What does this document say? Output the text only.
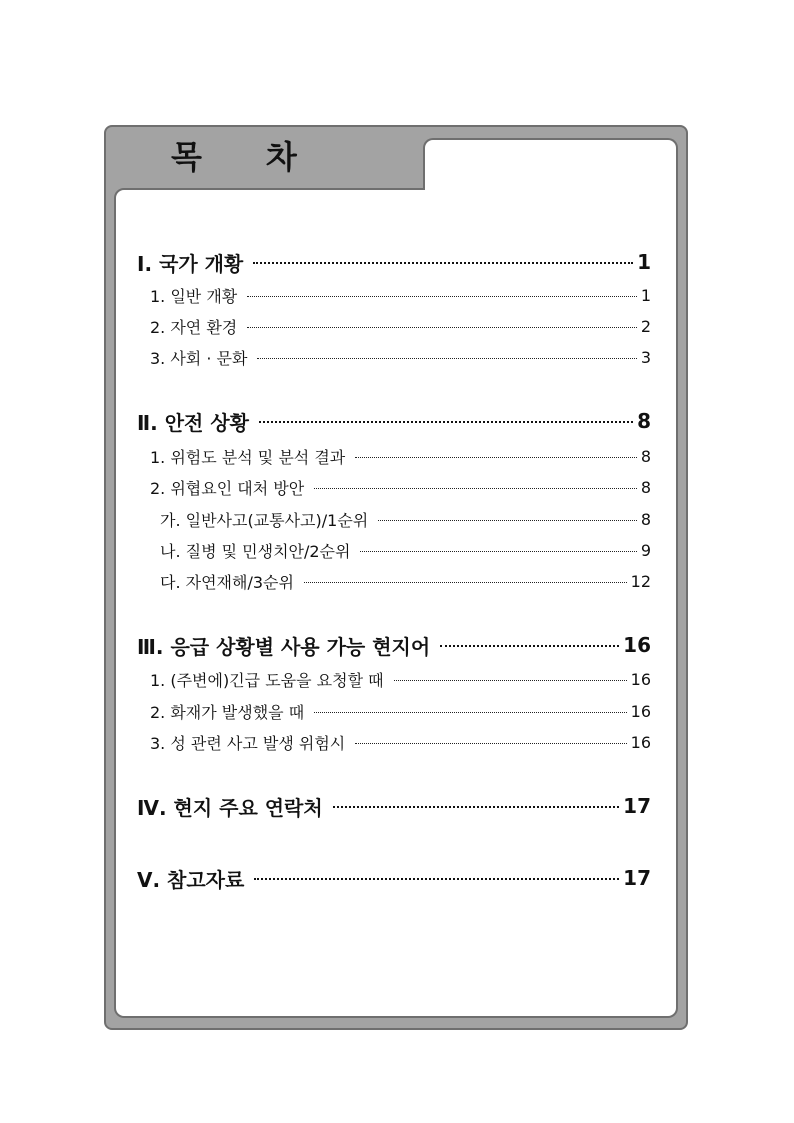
목 차
Ⅰ. 국가 개황	1
1. 일반 개황	1
2. 자연 환경	2
3. 사회 · 문화	3
Ⅱ. 안전 상황	8
1. 위험도 분석 및 분석 결과	8
2. 위협요인 대처 방안	8
가. 일반사고(교통사고)/1순위	8
나. 질병 및 민생치안/2순위	9
다. 자연재해/3순위	12
Ⅲ. 응급 상황별 사용 가능 현지어	16
1. (주변에)긴급 도움을 요청할 때	16
2. 화재가 발생했을 때	16
3. 성 관련 사고 발생 위험시	16
Ⅳ. 현지 주요 연락처	17
Ⅴ. 참고자료	17
